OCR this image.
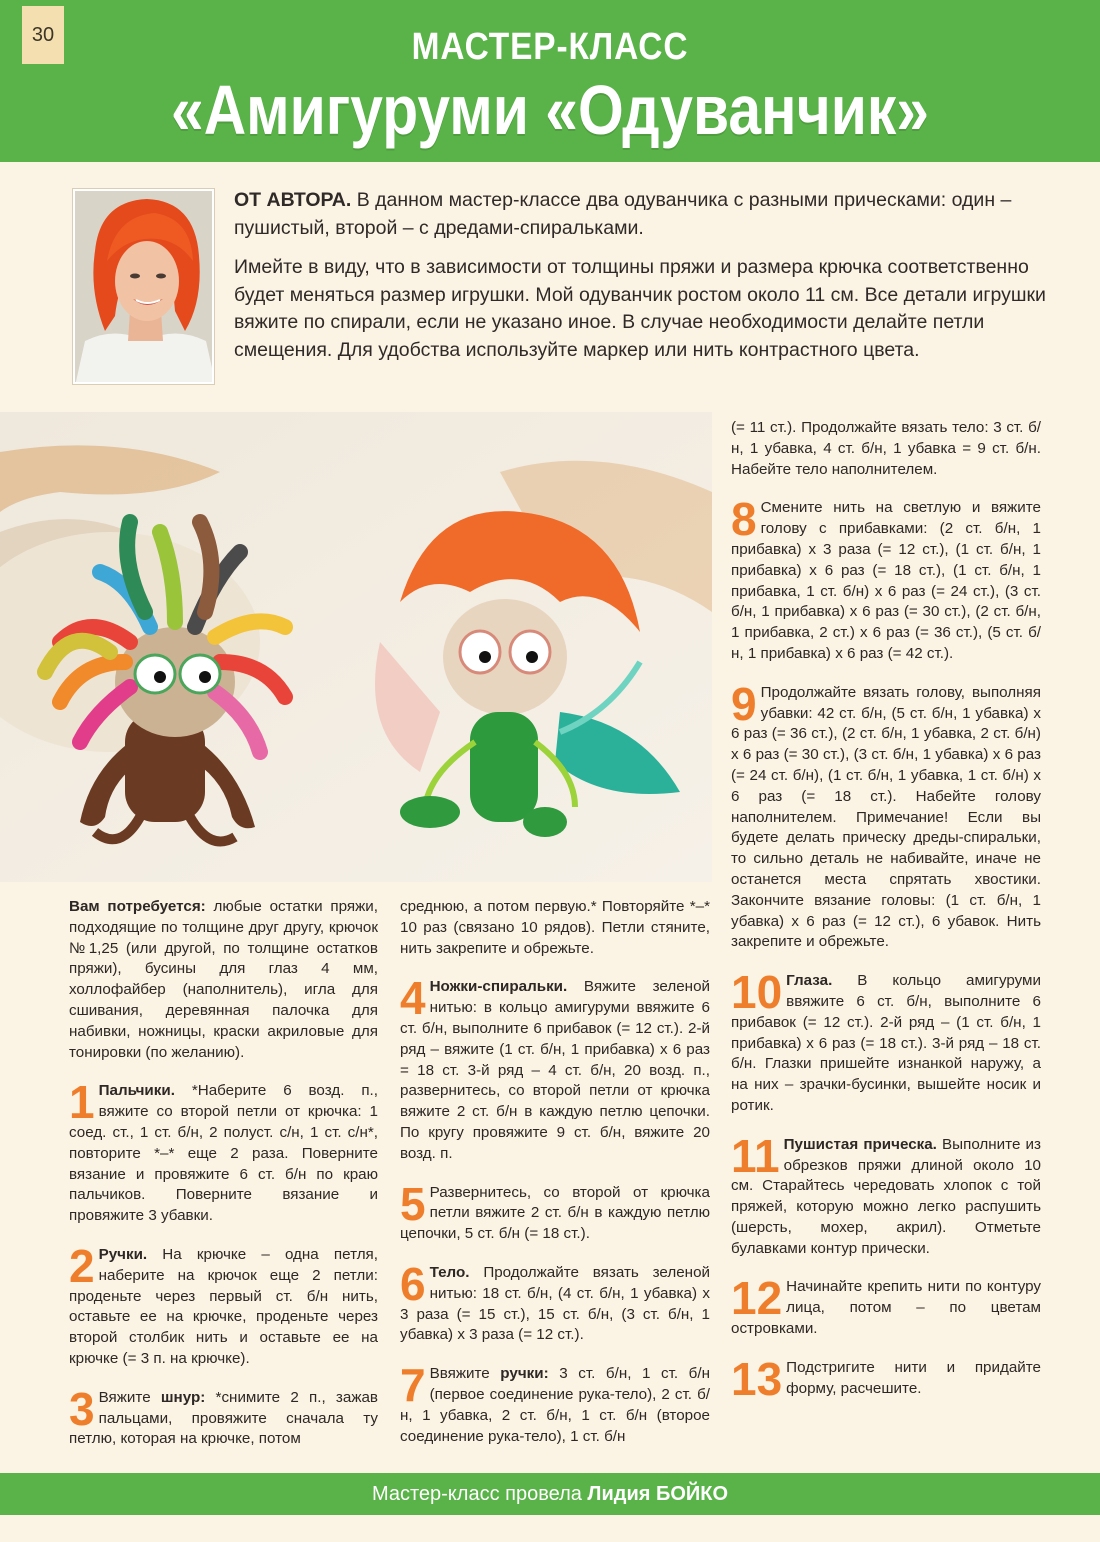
30	МАСТЕР-КЛАСС
«Амигуруми «Одуванчик»

ОТ АВТОРА. В данном мастер-классе два одуванчика с разными прическами: один – пушистый, второй – с дредами-спиральками.

Имейте в виду, что в зависимости от толщины пряжи и размера крючка соответственно будет меняться размер игрушки. Мой одуванчик ростом около 11 см. Все детали игрушки вяжите по спирали, если не указано иное. В случае необходимости делайте петли смещения. Для удобства используйте маркер или нить контрастного цвета.

Вам потребуется: любые остатки пряжи, подходящие по толщине друг другу, крючок №1,25 (или другой, по толщине остатков пряжи), бусины для глаз 4 мм, холлофайбер (наполнитель), игла для сшивания, деревянная палочка для набивки, ножницы, краски акриловые для тонировки (по желанию).

1 Пальчики. *Наберите 6 возд. п., вяжите со второй петли от крючка: 1 соед. ст., 1 ст. б/н, 2 полуст. с/н, 1 ст. с/н*, повторите *–* еще 2 раза. Поверните вязание и провяжите 6 ст. б/н по краю пальчиков. Поверните вязание и провяжите 3 убавки.

2 Ручки. На крючке – одна петля, наберите на крючок еще 2 петли: проденьте через первый ст. б/н нить, оставьте ее на крючке, проденьте через второй столбик нить и оставьте ее на крючке (= 3 п. на крючке).

3 Вяжите шнур: *снимите 2 п., зажав пальцами, провяжите сначала ту петлю, которая на крючке, потом

среднюю, а потом первую.* Повторяйте *–* 10 раз (связано 10 рядов). Петли стяните, нить закрепите и обрежьте.

4 Ножки-спиральки. Вяжите зеленой нитью: в кольцо амигуруми ввяжите 6 ст. б/н, выполните 6 прибавок (= 12 ст.). 2-й ряд – вяжите (1 ст. б/н, 1 прибавка) х 6 раз = 18 ст. 3-й ряд – 4 ст. б/н, 20 возд. п., развернитесь, со второй петли от крючка вяжите 2 ст. б/н в каждую петлю цепочки. По кругу провяжите 9 ст. б/н, вяжите 20 возд. п.

5 Развернитесь, со второй от крючка петли вяжите 2 ст. б/н в каждую петлю цепочки, 5 ст. б/н (= 18 ст.).

6 Тело. Продолжайте вязать зеленой нитью: 18 ст. б/н, (4 ст. б/н, 1 убавка) х 3 раза (= 15 ст.), 15 ст. б/н, (3 ст. б/н, 1 убавка) х 3 раза (= 12 ст.).

7 Ввяжите ручки: 3 ст. б/н, 1 ст. б/н (первое соединение рука-тело), 2 ст. б/н, 1 убавка, 2 ст. б/н, 1 ст. б/н (второе соединение рука-тело), 1 ст. б/н

(= 11 ст.). Продолжайте вязать тело: 3 ст. б/н, 1 убавка, 4 ст. б/н, 1 убавка = 9 ст. б/н. Набейте тело наполнителем.

8 Смените нить на светлую и вяжите голову с прибавками: (2 ст. б/н, 1 прибавка) х 3 раза (= 12 ст.), (1 ст. б/н, 1 прибавка) х 6 раз (= 18 ст.), (1 ст. б/н, 1 прибавка, 1 ст. б/н) х 6 раз (= 24 ст.), (3 ст. б/н, 1 прибавка) х 6 раз (= 30 ст.), (2 ст. б/н, 1 прибавка, 2 ст.) х 6 раз (= 36 ст.), (5 ст. б/н, 1 прибавка) х 6 раз (= 42 ст.).

9 Продолжайте вязать голову, выполняя убавки: 42 ст. б/н, (5 ст. б/н, 1 убавка) х 6 раз (= 36 ст.), (2 ст. б/н, 1 убавка, 2 ст. б/н) х 6 раз (= 30 ст.), (3 ст. б/н, 1 убавка) х 6 раз (= 24 ст. б/н), (1 ст. б/н, 1 убавка, 1 ст. б/н) х 6 раз (= 18 ст.). Набейте голову наполнителем. Примечание! Если вы будете делать прическу дреды-спиральки, то сильно деталь не набивайте, иначе не останется места спрятать хвостики. Закончите вязание головы: (1 ст. б/н, 1 убавка) х 6 раз (= 12 ст.), 6 убавок. Нить закрепите и обрежьте.

10 Глаза. В кольцо амигуруми ввяжите 6 ст. б/н, выполните 6 прибавок (= 12 ст.). 2-й ряд – (1 ст. б/н, 1 прибавка) х 6 раз (= 18 ст.). 3-й ряд – 18 ст. б/н. Глазки пришейте изнанкой наружу, а на них – зрачки-бусинки, вышейте носик и ротик.

11 Пушистая прическа. Выполните из обрезков пряжи длиной около 10 см. Старайтесь чередовать хлопок с той пряжей, которую можно легко распушить (шерсть, мохер, акрил). Отметьте булавками контур прически.

12 Начинайте крепить нити по контуру лица, потом – по цветам островками.

13 Подстригите нити и придайте форму, расчешите.

Мастер-класс провела Лидия БОЙКО
